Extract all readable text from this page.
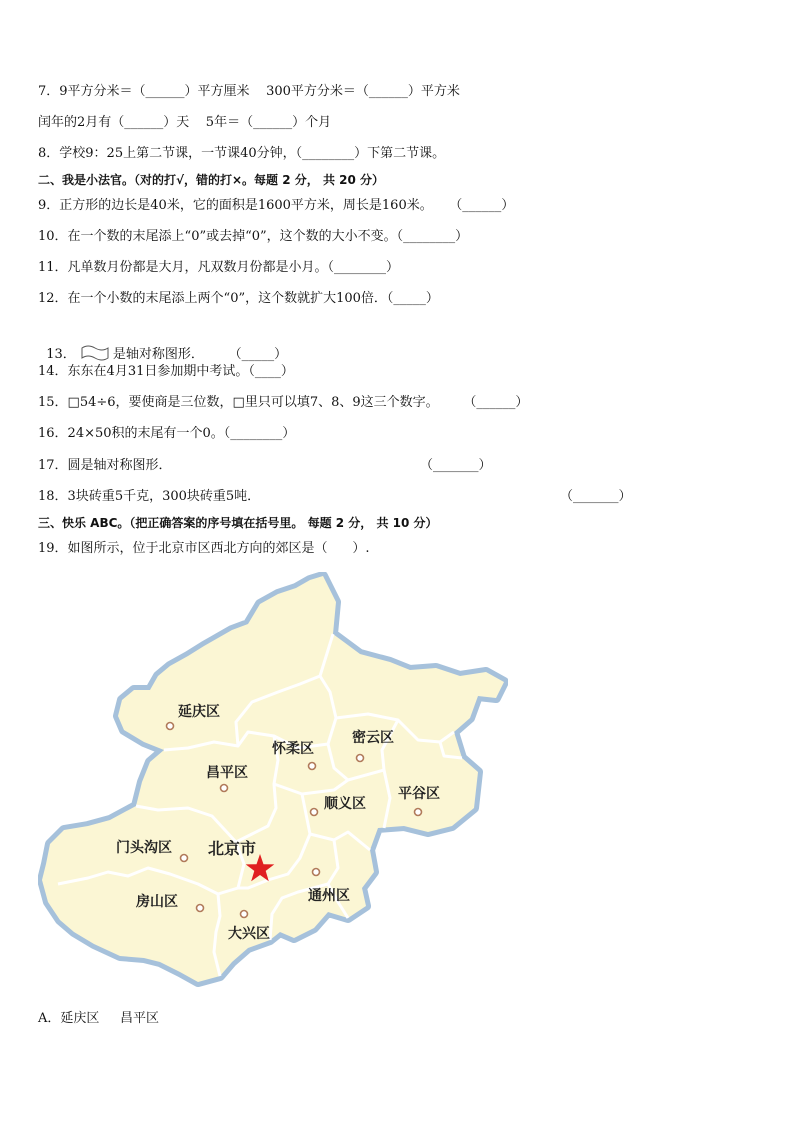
7．9平方分米＝（______）平方厘米    300平方分米＝（______）平方米
闰年的2月有（______）天    5年＝（______）个月
8．学校9：25上第二节课，一节课40分钟，（________）下第二节课。
二、我是小法官。（对的打√，错的打×。每题 2 分， 共 20 分）
9．正方形的边长是40米，它的面积是1600平方米，周长是160米。    （______）
10．在一个数的末尾添上“0”或去掉“0”，这个数的大小不变。（________）
11．凡单数月份都是大月，凡双数月份都是小月。（________）
12．在一个小数的末尾添上两个“0”，这个数就扩大100倍．（_____）

13．	是轴对称图形．      （_____）

14．东东在4月31日参加期中考试。（____）
15．□54÷6，要使商是三位数，□里只可以填7、8、9这三个数字。      （______）
16．24×50积的末尾有一个0。（________）
17．圆是轴对称图形．	（_______）
18．3块砖重5千克，300块砖重5吨．	（_______）
三、快乐 ABC。（把正确答案的序号填在括号里。 每题 2 分， 共 10 分）
19．如图所示，位于北京市区西北方向的郊区是（      ）.
延庆区
怀柔区
密云区
昌平区
顺义区
平谷区
门头沟区 北京市
房山区	通州区
大兴区
A．延庆区     昌平区
